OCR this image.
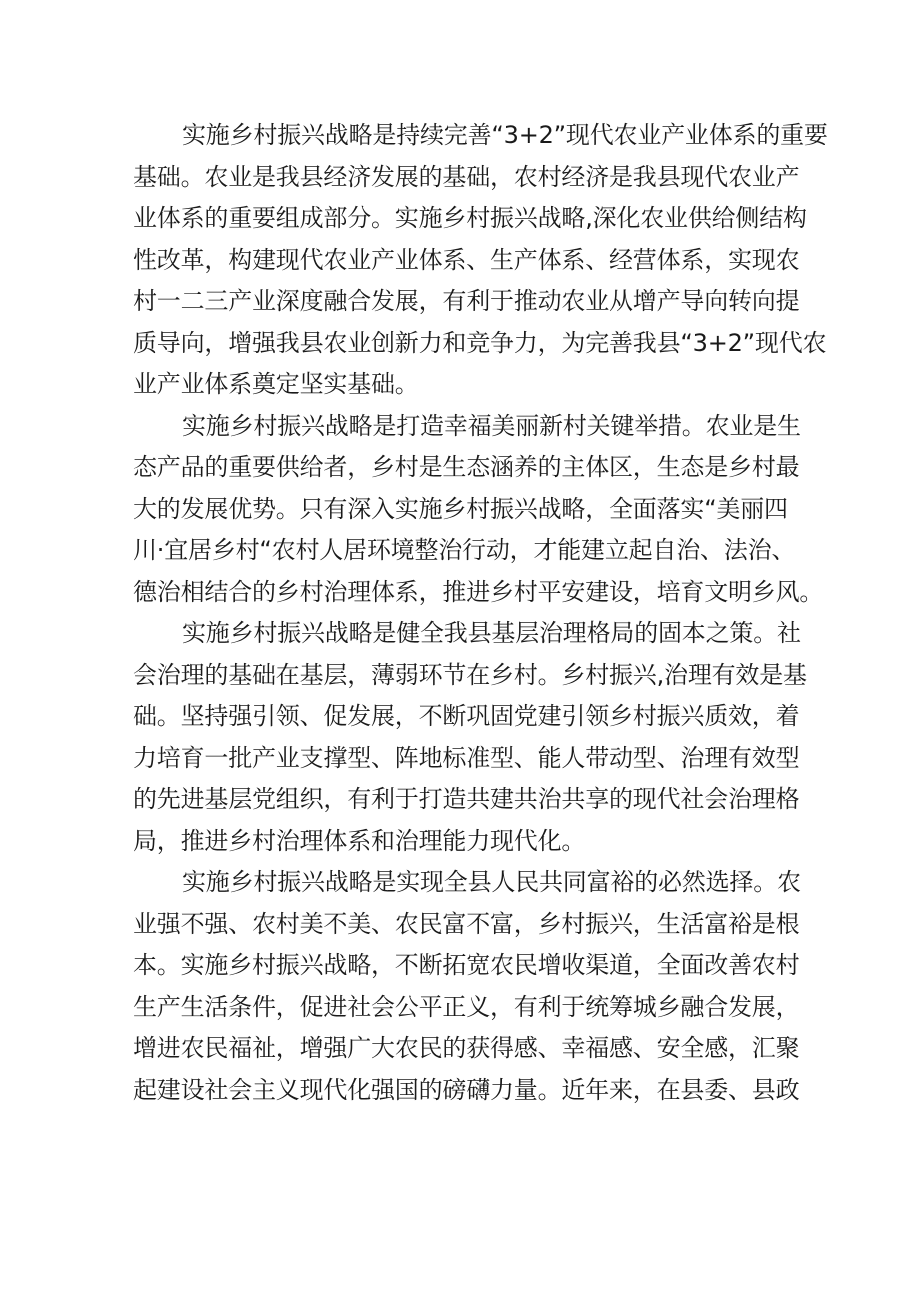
实施乡村振兴战略是持续完善“3+2”现代农业产业体系的重要
基础。农业是我县经济发展的基础，农村经济是我县现代农业产
业体系的重要组成部分。实施乡村振兴战略,深化农业供给侧结构
性改革，构建现代农业产业体系、生产体系、经营体系，实现农
村一二三产业深度融合发展，有利于推动农业从增产导向转向提
质导向，增强我县农业创新力和竞争力，为完善我县“3+2”现代农
业产业体系奠定坚实基础。
实施乡村振兴战略是打造幸福美丽新村关键举措。农业是生
态产品的重要供给者，乡村是生态涵养的主体区，生态是乡村最
大的发展优势。只有深入实施乡村振兴战略，全面落实“美丽四
川·宜居乡村“农村人居环境整治行动，才能建立起自治、法治、
德治相结合的乡村治理体系，推进乡村平安建设，培育文明乡风。
实施乡村振兴战略是健全我县基层治理格局的固本之策。社
会治理的基础在基层，薄弱环节在乡村。乡村振兴,治理有效是基
础。坚持强引领、促发展，不断巩固党建引领乡村振兴质效，着
力培育一批产业支撑型、阵地标准型、能人带动型、治理有效型
的先进基层党组织，有利于打造共建共治共享的现代社会治理格
局，推进乡村治理体系和治理能力现代化。
实施乡村振兴战略是实现全县人民共同富裕的必然选择。农
业强不强、农村美不美、农民富不富，乡村振兴，生活富裕是根
本。实施乡村振兴战略，不断拓宽农民增收渠道，全面改善农村
生产生活条件，促进社会公平正义，有利于统筹城乡融合发展，
增进农民福祉，增强广大农民的获得感、幸福感、安全感，汇聚
起建设社会主义现代化强国的磅礴力量。近年来，在县委、县政
